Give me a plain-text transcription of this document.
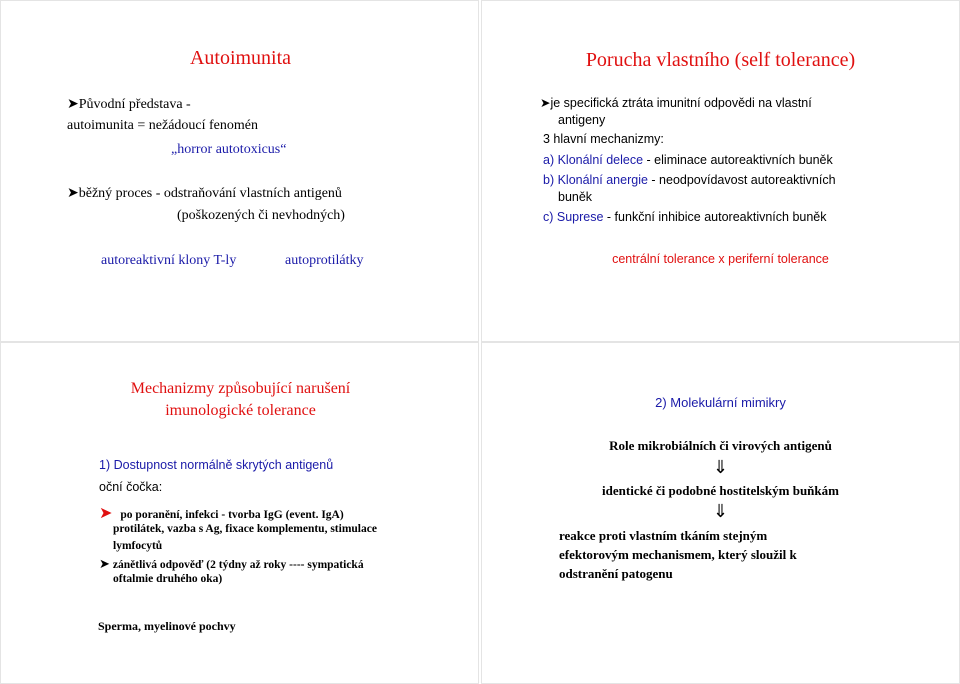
Autoimunita
➤Původní představa -
autoimunita = nežádoucí fenomén
„horror autotoxicus“
➤běžný proces - odstraňování vlastních antigenů
(poškozených či nevhodných)
autoreaktivní klony T-ly	autoprotilátky
Porucha vlastního (self tolerance)
➤je specifická ztráta imunitní odpovědi na vlastní
antigeny
3 hlavní mechanizmy:
a) Klonální delece - eliminace autoreaktivních buněk
b) Klonální anergie - neodpovídavost autoreaktivních
buněk
c) Suprese - funkční inhibice autoreaktivních buněk
centrální tolerance x periferní tolerance
Mechanizmy způsobující narušení
imunologické tolerance
1) Dostupnost normálně skrytých antigenů
oční čočka:
➤ po poranění, infekci - tvorba IgG (event. IgA)
protilátek, vazba s Ag, fixace komplementu, stimulace
lymfocytů
➤ zánětlivá odpověď (2 týdny až roky ---- sympatická
oftalmie druhého oka)
Sperma, myelinové pochvy
2) Molekulární mimikry
Role mikrobiálních či virových antigenů
⇓
identické či podobné hostitelským buňkám
⇓
reakce proti vlastním tkáním stejným
efektorovým mechanismem, který sloužil k
odstranění patogenu
